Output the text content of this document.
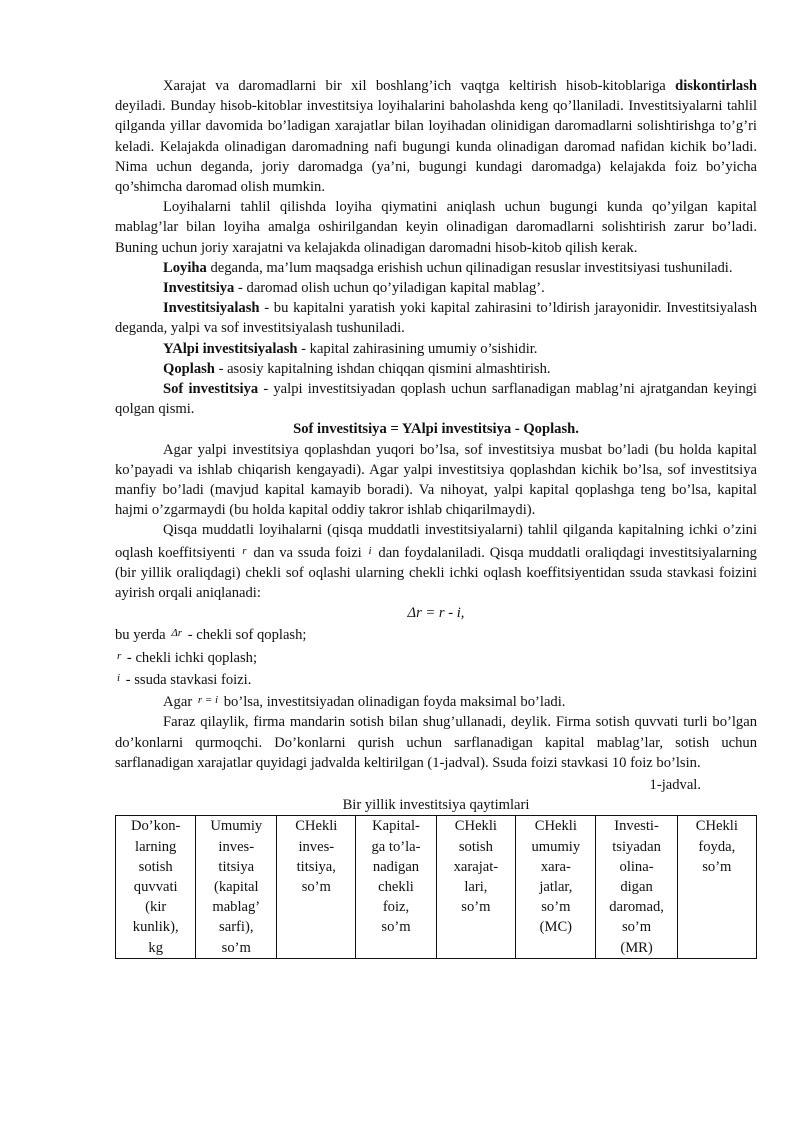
Xarajat va daromadlarni bir xil boshlang’ich vaqtga keltirish hisob-kitoblariga diskontirlash deyiladi. Bunday hisob-kitoblar investitsiya loyihalarini baholashda keng qo’llaniladi. Investitsiyalarni tahlil qilganda yillar davomida bo’ladigan xarajatlar bilan loyihadan olinidigan daromadlarni solishtirishga to’g’ri keladi. Kelajakda olinadigan daromadning nafi bugungi kunda olinadigan daromad nafidan kichik bo’ladi. Nima uchun deganda, joriy daromadga (ya’ni, bugungi kundagi daromadga) kelajakda foiz bo’yicha qo’shimcha daromad olish mumkin.

Loyihalarni tahlil qilishda loyiha qiymatini aniqlash uchun bugungi kunda qo’yilgan kapital mablag’lar bilan loyiha amalga oshirilgandan keyin olinadigan daromadlarni solishtirish zarur bo’ladi. Buning uchun joriy xarajatni va kelajakda olinadigan daromadni hisob-kitob qilish kerak.

Loyiha deganda, ma’lum maqsadga erishish uchun qilinadigan resuslar investitsiyasi tushuniladi.

Investitsiya - daromad olish uchun qo’yiladigan kapital mablag’.

Investitsiyalash - bu kapitalni yaratish yoki kapital zahirasini to’ldirish jarayonidir. Investitsiyalash deganda, yalpi va sof investitsiyalash tushuniladi.

YAlpi investitsiyalash - kapital zahirasining umumiy o’sishidir.

Qoplash - asosiy kapitalning ishdan chiqqan qismini almashtirish.

Sof investitsiya - yalpi investitsiyadan qoplash uchun sarflanadigan mablag’ni ajratgandan keyingi qolgan qismi.

Sof investitsiya = YAlpi investitsiya - Qoplash.

Agar yalpi investitsiya qoplashdan yuqori bo’lsa, sof investitsiya musbat bo’ladi (bu holda kapital ko’payadi va ishlab chiqarish kengayadi). Agar yalpi investitsiya qoplashdan kichik bo’lsa, sof investitsiya manfiy bo’ladi (mavjud kapital kamayib boradi). Va nihoyat, yalpi kapital qoplashga teng bo’lsa, kapital hajmi o’zgarmaydi (bu holda kapital oddiy takror ishlab chiqarilmaydi).

Qisqa muddatli loyihalarni (qisqa muddatli investitsiyalarni) tahlil qilganda kapitalning ichki o’zini oqlash koeffitsiyenti $^r$ dan va ssuda foizi $^i$ dan foydalaniladi. Qisqa muddatli oraliqdagi investitsiyalarning (bir yillik oraliqdagi) chekli sof oqlashi ularning chekli ichki oqlash koeffitsiyentidan ssuda stavkasi foizini ayirish orqali aniqlanadi:

Δr = r - i,

bu yerda $^{\Delta r}$ - chekli sof qoplash;

$^r$ - chekli ichki qoplash;

$^i$ - ssuda stavkasi foizi.

Agar $^{r = i}$ bo’lsa, investitsiyadan olinadigan foyda maksimal bo’ladi.

Faraz qilaylik, firma mandarin sotish bilan shug’ullanadi, deylik. Firma sotish quvvati turli bo’lgan do’konlarni qurmoqchi. Do’konlarni qurish uchun sarflanadigan kapital mablag’lar, sotish uchun sarflanadigan xarajatlar quyidagi jadvalda keltirilgan (1-jadval). Ssuda foizi stavkasi 10 foiz bo’lsin.

1-jadval.

Bir yillik investitsiya qaytimlari

Do’kon-
larning
sotish
quvvati
(kir
kunlik),
kg	Umumiy
inves-
titsiya
(kapital
mablag’
sarfi),
so’m	CHekli
inves-
titsiya,
so’m	Kapital-
ga to’la-
nadigan
chekli
foiz,
so’m	CHekli
sotish
xarajat-
lari,
so’m	CHekli
umumiy
xara-
jatlar,
so’m
(MC)	Investi-
tsiyadan
olina-
digan
daromad,
so’m
(MR)	CHekli
foyda,
so’m
